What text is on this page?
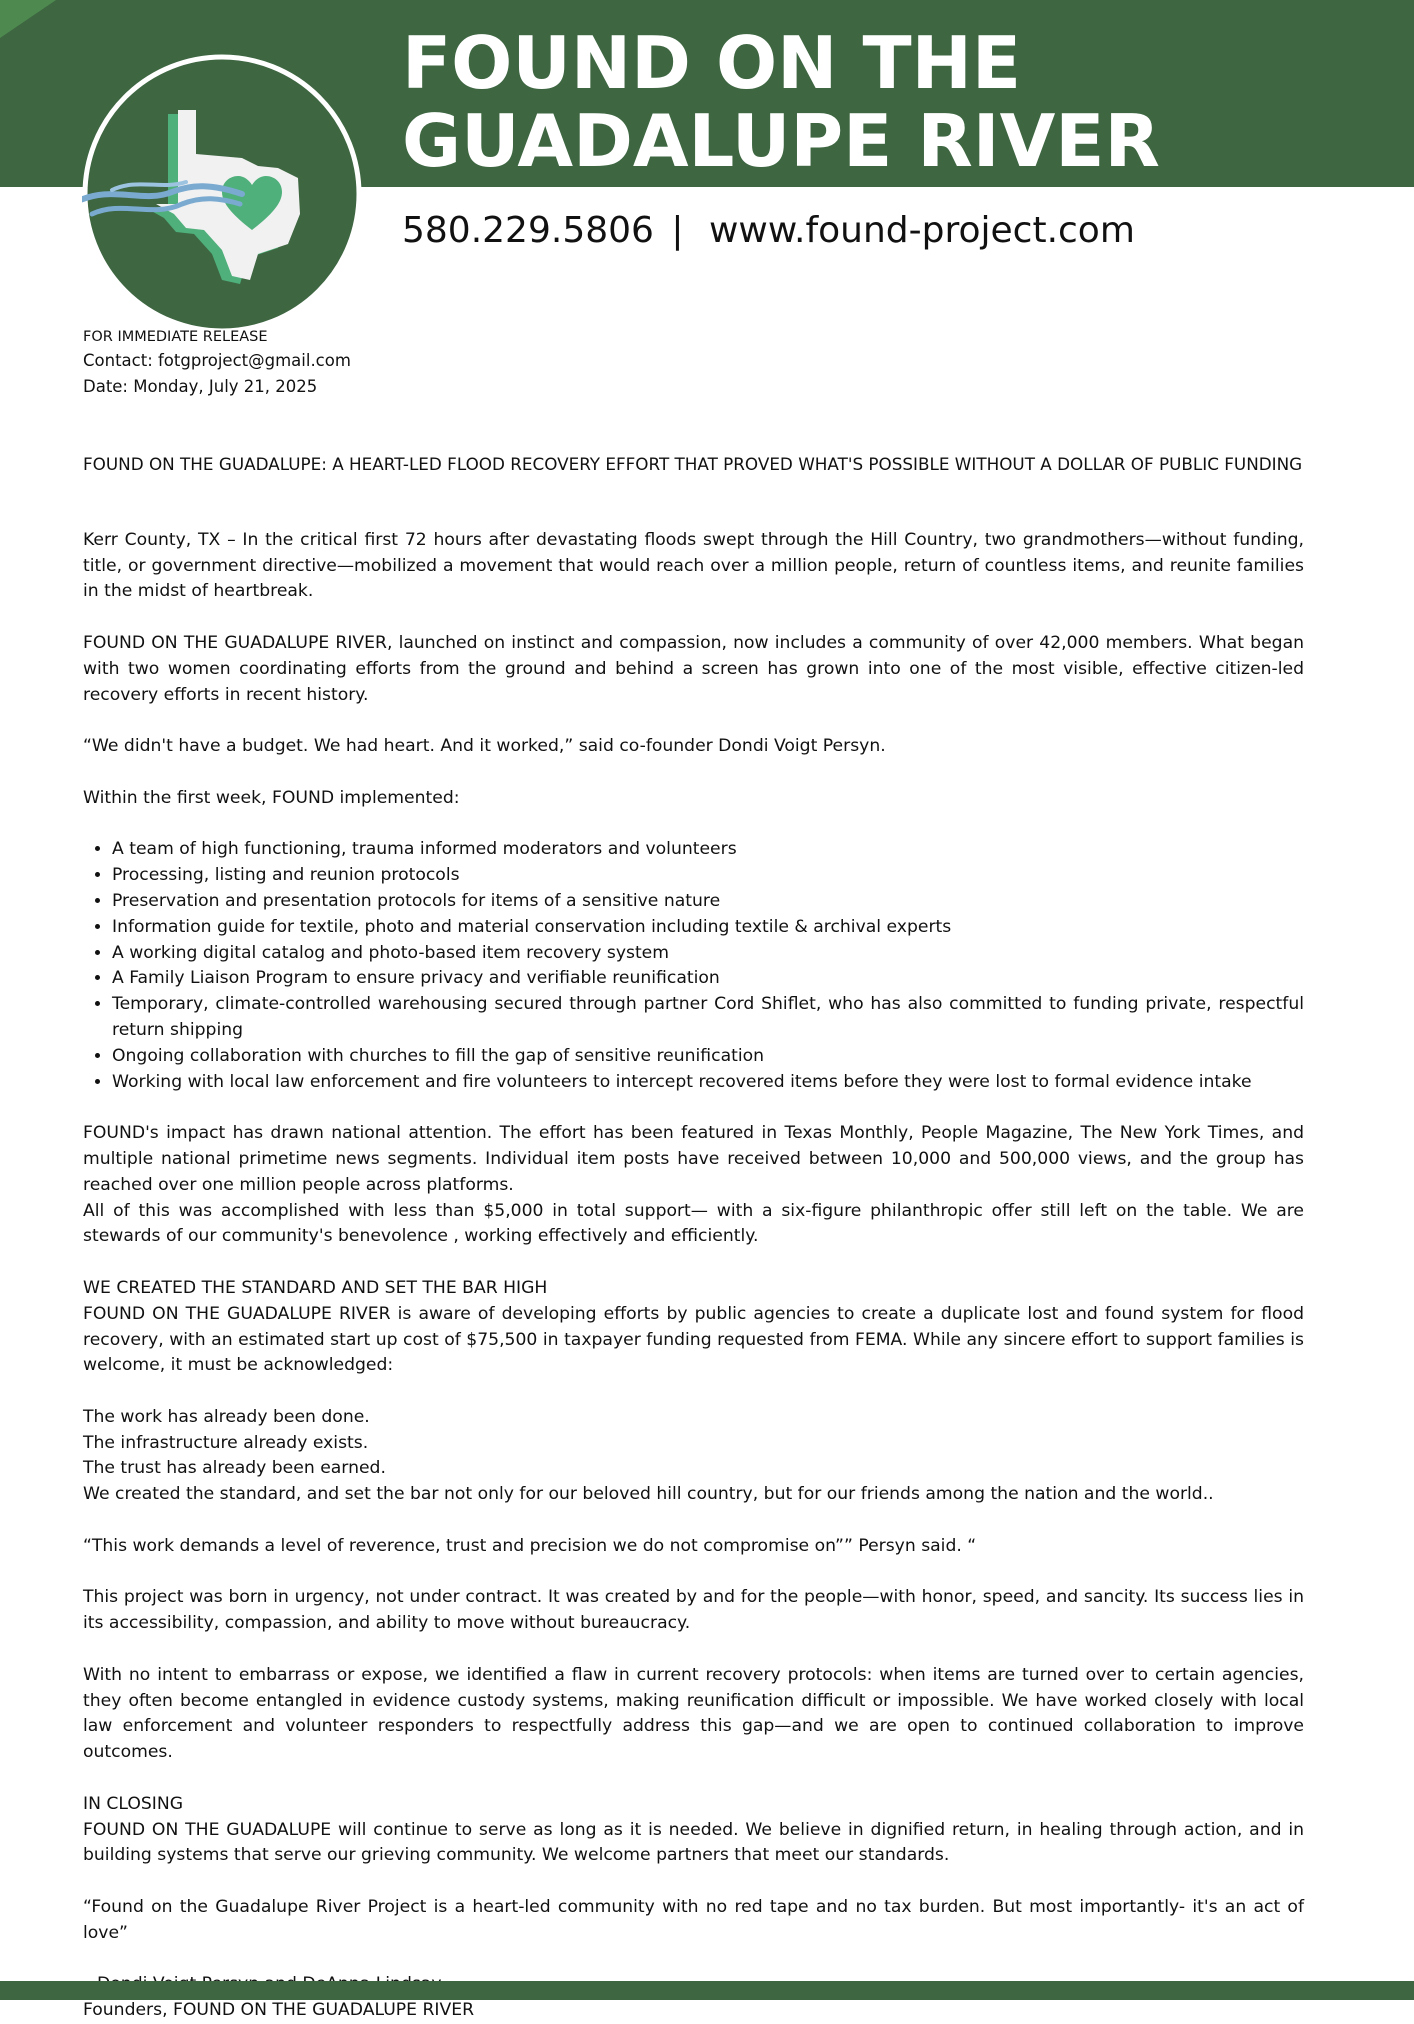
FOUND ON THE
GUADALUPE RIVER
580.229.5806 | www.found-project.com
FOR IMMEDIATE RELEASE
Contact: fotgproject@gmail.com
Date: Monday, July 21, 2025

FOUND ON THE GUADALUPE: A HEART-LED FLOOD RECOVERY EFFORT THAT PROVED WHAT'S POSSIBLE WITHOUT A DOLLAR OF PUBLIC FUNDING

Kerr County, TX – In the critical first 72 hours after devastating floods swept through the Hill Country, two grandmothers—without funding, title, or government directive—mobilized a movement that would reach over a million people, return of countless items, and reunite families in the midst of heartbreak.

FOUND ON THE GUADALUPE RIVER, launched on instinct and compassion, now includes a community of over 42,000 members. What began with two women coordinating efforts from the ground and behind a screen has grown into one of the most visible, effective citizen-led recovery efforts in recent history.

“We didn't have a budget. We had heart. And it worked,” said co-founder Dondi Voigt Persyn.

Within the first week, FOUND implemented:

• A team of high functioning, trauma informed moderators and volunteers
• Processing, listing and reunion protocols
• Preservation and presentation protocols for items of a sensitive nature
• Information guide for textile, photo and material conservation including textile & archival experts
• A working digital catalog and photo-based item recovery system
• A Family Liaison Program to ensure privacy and verifiable reunification
• Temporary, climate-controlled warehousing secured through partner Cord Shiflet, who has also committed to funding private, respectful return shipping
• Ongoing collaboration with churches to fill the gap of sensitive reunification
• Working with local law enforcement and fire volunteers to intercept recovered items before they were lost to formal evidence intake

FOUND's impact has drawn national attention. The effort has been featured in Texas Monthly, People Magazine, The New York Times, and multiple national primetime news segments. Individual item posts have received between 10,000 and 500,000 views, and the group has reached over one million people across platforms.

All of this was accomplished with less than $5,000 in total support— with a six-figure philanthropic offer still left on the table. We are stewards of our community's benevolence , working effectively and efficiently.

WE CREATED THE STANDARD AND SET THE BAR HIGH

FOUND ON THE GUADALUPE RIVER is aware of developing efforts by public agencies to create a duplicate lost and found system for flood recovery, with an estimated start up cost of $75,500 in taxpayer funding requested from FEMA. While any sincere effort to support families is welcome, it must be acknowledged:

The work has already been done.

The infrastructure already exists.

The trust has already been earned.

We created the standard, and set the bar not only for our beloved hill country, but for our friends among the nation and the world..

“This work demands a level of reverence, trust and precision we do not compromise on”” Persyn said. “

This project was born in urgency, not under contract. It was created by and for the people—with honor, speed, and sancity. Its success lies in its accessibility, compassion, and ability to move without bureaucracy.

With no intent to embarrass or expose, we identified a flaw in current recovery protocols: when items are turned over to certain agencies, they often become entangled in evidence custody systems, making reunification difficult or impossible. We have worked closely with local law enforcement and volunteer responders to respectfully address this gap—and we are open to continued collaboration to improve outcomes.

IN CLOSING

FOUND ON THE GUADALUPE will continue to serve as long as it is needed. We believe in dignified return, in healing through action, and in building systems that serve our grieving community. We welcome partners that meet our standards.

“Found on the Guadalupe River Project is a heart-led community with no red tape and no tax burden. But most importantly- it's an act of love”

Founders, FOUND ON THE GUADALUPE RIVER
